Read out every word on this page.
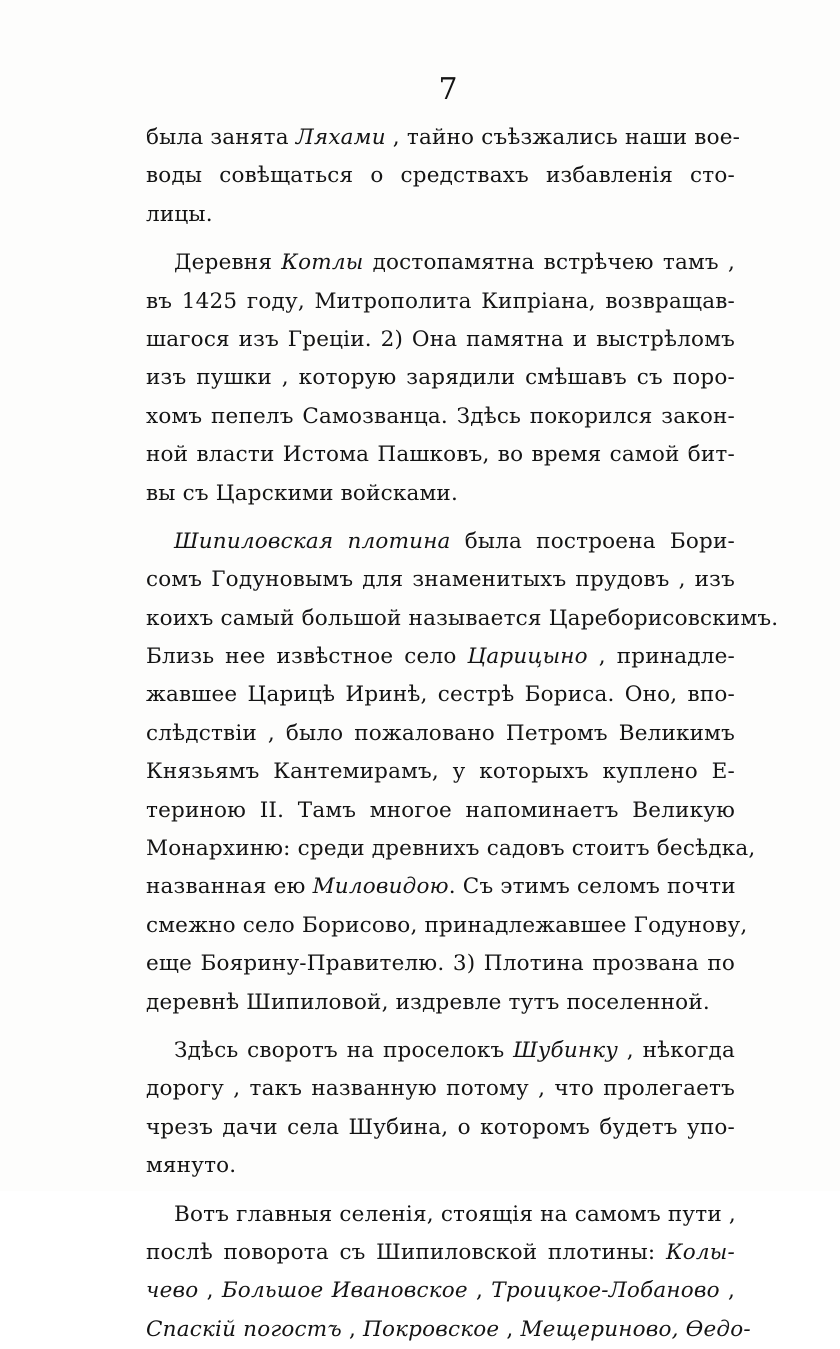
7
была занята Ляхами , тайно съѣзжались наши вое-
воды совѣщаться о средствахъ избавленія сто-
лицы.
Деревня Котлы достопамятна встрѣчею тамъ ,
въ 1425 году, Митрополита Кипріана, возвращав-
шагося изъ Греціи. 2) Она памятна и выстрѣломъ
изъ пушки , которую зарядили смѣшавъ съ поро-
хомъ пепелъ Самозванца. Здѣсь покорился закон-
ной власти Истома Пашковъ, во время самой бит-
вы съ Царскими войсками.
Шипиловская плотина была построена Бори-
сомъ Годуновымъ для знаменитыхъ прудовъ , изъ
коихъ самый большой называется Цареборисовскимъ.
Близь нее извѣстное село Царицыно , принадле-
жавшее Царицѣ Иринѣ, сестрѣ Бориса. Оно, впо-
слѣдствіи , было пожаловано Петромъ Великимъ
Князьямъ Кантемирамъ, у которыхъ куплено Е-
териною II. Тамъ многое напоминаетъ Великую
Монархиню: среди древнихъ садовъ стоитъ бесѣдка,
названная ею Миловидою. Съ этимъ селомъ почти
смежно село Борисово, принадлежавшее Годунову,
еще Боярину-Правителю. 3) Плотина прозвана по
деревнѣ Шипиловой, издревле тутъ поселенной.
Здѣсь своротъ на проселокъ Шубинку , нѣкогда
дорогу , такъ названную потому , что пролегаетъ
чрезъ дачи села Шубина, о которомъ будетъ упо-
мянуто.
Вотъ главныя селенія, стоящія на самомъ пути ,
послѣ поворота съ Шипиловской плотины: Колы-
чево , Большое Ивановское , Троицкое-Лобаново ,
Спаскій погостъ , Покровское , Мещериново, Ѳедо-
